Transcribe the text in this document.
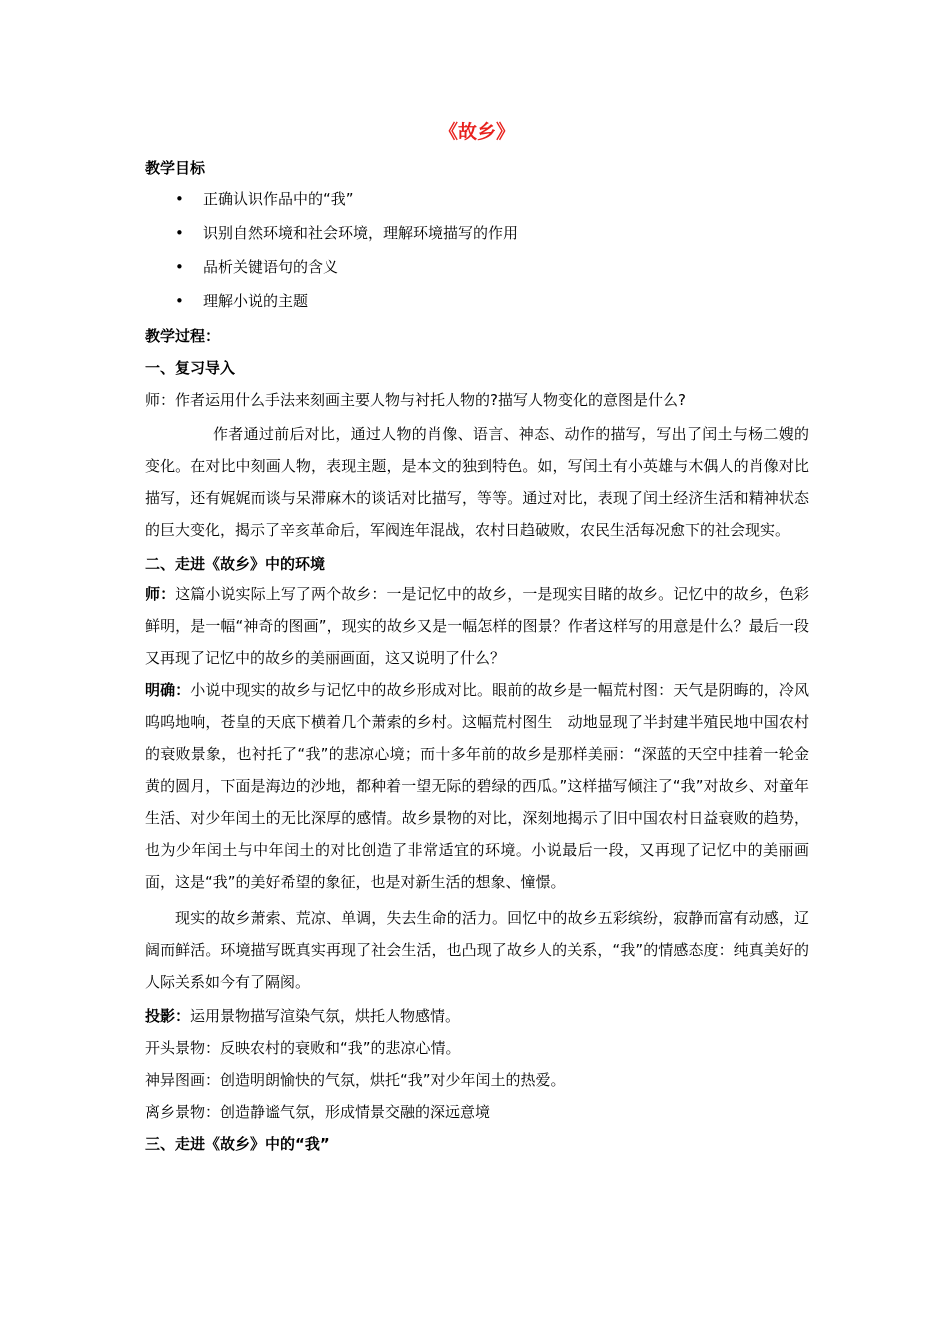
《故乡》
教学目标
• 正确认识作品中的“我”
• 识别自然环境和社会环境，理解环境描写的作用
• 品析关键语句的含义
• 理解小说的主题
教学过程：
一、复习导入
师：作者运用什么手法来刻画主要人物与衬托人物的?描写人物变化的意图是什么?
作者通过前后对比，通过人物的肖像、语言、神态、动作的描写，写出了闰土与杨二嫂的变化。在对比中刻画人物，表现主题，是本文的独到特色。如，写闰土有小英雄与木偶人的肖像对比描写，还有娓娓而谈与呆滞麻木的谈话对比描写，等等。通过对比，表现了闰土经济生活和精神状态的巨大变化，揭示了辛亥革命后，军阀连年混战，农村日趋破败，农民生活每况愈下的社会现实。
二、走进《故乡》中的环境
师：这篇小说实际上写了两个故乡：一是记忆中的故乡，一是现实目睹的故乡。记忆中的故乡，色彩鲜明，是一幅“神奇的图画”，现实的故乡又是一幅怎样的图景？作者这样写的用意是什么？最后一段又再现了记忆中的故乡的美丽画面，这又说明了什么？
明确：小说中现实的故乡与记忆中的故乡形成对比。眼前的故乡是一幅荒村图：天气是阴晦的，冷风呜呜地响，苍皇的天底下横着几个萧索的乡村。这幅荒村图生　动地显现了半封建半殖民地中国农村的衰败景象，也衬托了“我”的悲凉心境；而十多年前的故乡是那样美丽：“深蓝的天空中挂着一轮金黄的圆月，下面是海边的沙地，都种着一望无际的碧绿的西瓜。”这样描写倾注了“我”对故乡、对童年生活、对少年闰土的无比深厚的感情。故乡景物的对比，深刻地揭示了旧中国农村日益衰败的趋势，也为少年闰土与中年闰土的对比创造了非常适宜的环境。小说最后一段，又再现了记忆中的美丽画面，这是“我”的美好希望的象征，也是对新生活的想象、憧憬。
现实的故乡萧索、荒凉、单调，失去生命的活力。回忆中的故乡五彩缤纷，寂静而富有动感，辽阔而鲜活。环境描写既真实再现了社会生活，也凸现了故乡人的关系，“我”的情感态度：纯真美好的人际关系如今有了隔阂。
投影：运用景物描写渲染气氛，烘托人物感情。
开头景物：反映农村的衰败和“我”的悲凉心情。
神异图画：创造明朗愉快的气氛，烘托“我”对少年闰土的热爱。
离乡景物：创造静谧气氛，形成情景交融的深远意境
三、走进《故乡》中的“我”
